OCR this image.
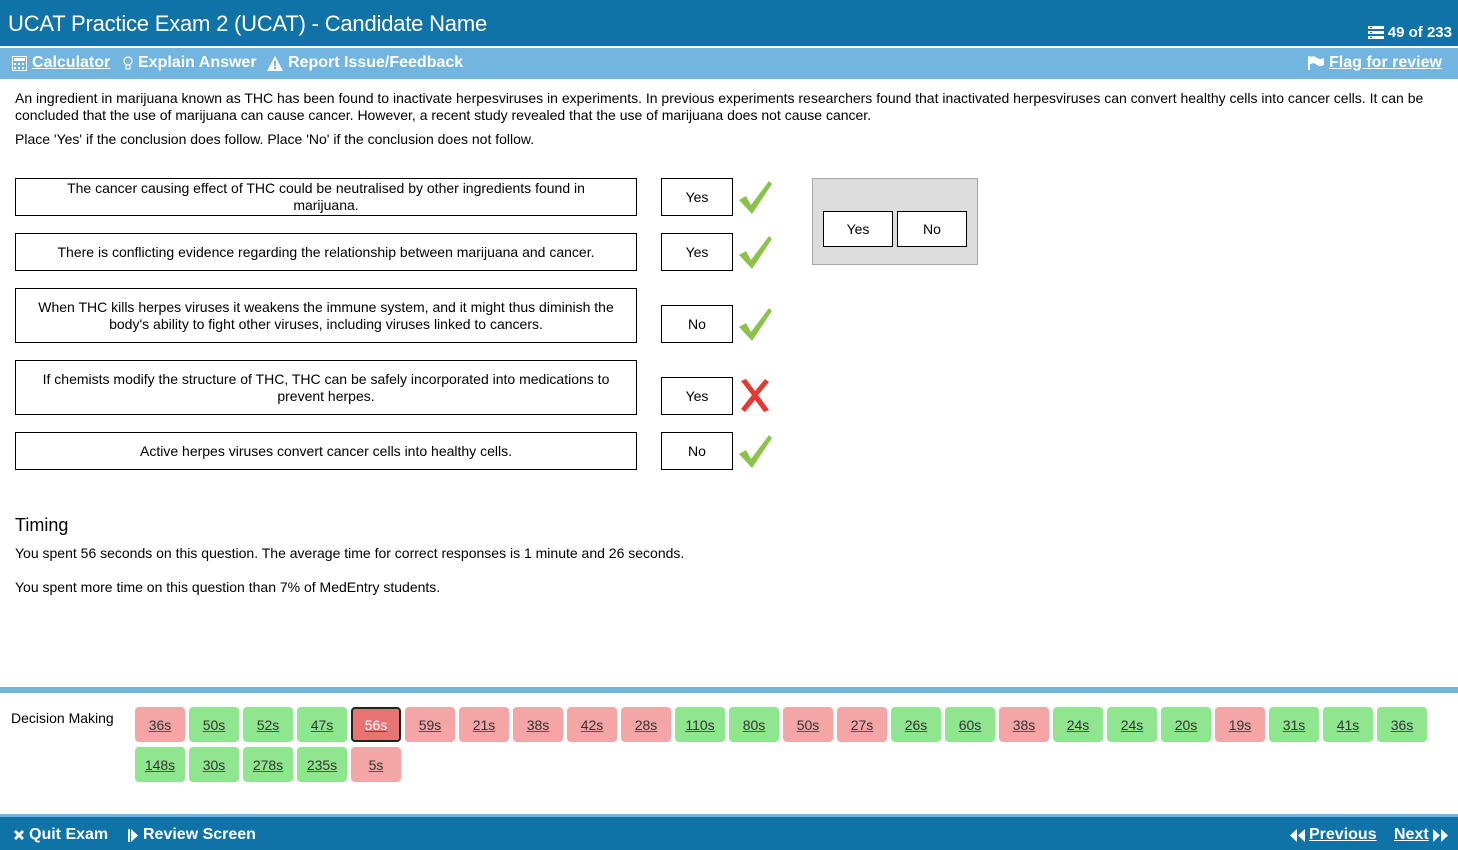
UCAT Practice Exam 2 (UCAT) - Candidate Name	49 of 233
Calculator Explain Answer Report Issue/Feedback	Flag for review
An ingredient in marijuana known as THC has been found to inactivate herpesviruses in experiments. In previous experiments researchers found that inactivated herpesviruses can convert healthy cells into cancer cells. It can be concluded that the use of marijuana can cause cancer. However, a recent study revealed that the use of marijuana does not cause cancer.
Place 'Yes' if the conclusion does follow. Place 'No' if the conclusion does not follow.
The cancer causing effect of THC could be neutralised by other ingredients found in marijuana.	Yes
There is conflicting evidence regarding the relationship between marijuana and cancer.	Yes
When THC kills herpes viruses it weakens the immune system, and it might thus diminish the body's ability to fight other viruses, including viruses linked to cancers.	No
If chemists modify the structure of THC, THC can be safely incorporated into medications to prevent herpes.	Yes
Active herpes viruses convert cancer cells into healthy cells.	No
Yes	No
Timing
You spent 56 seconds on this question. The average time for correct responses is 1 minute and 26 seconds.
You spent more time on this question than 7% of MedEntry students.
Decision Making	36s	50s	52s	47s	56s	59s	21s	38s	42s	28s	110s	80s	50s	27s	26s	60s	38s	24s	24s	20s	19s	31s	41s	36s
148s	30s	278s	235s	5s
Quit Exam Review Screen	Previous Next
